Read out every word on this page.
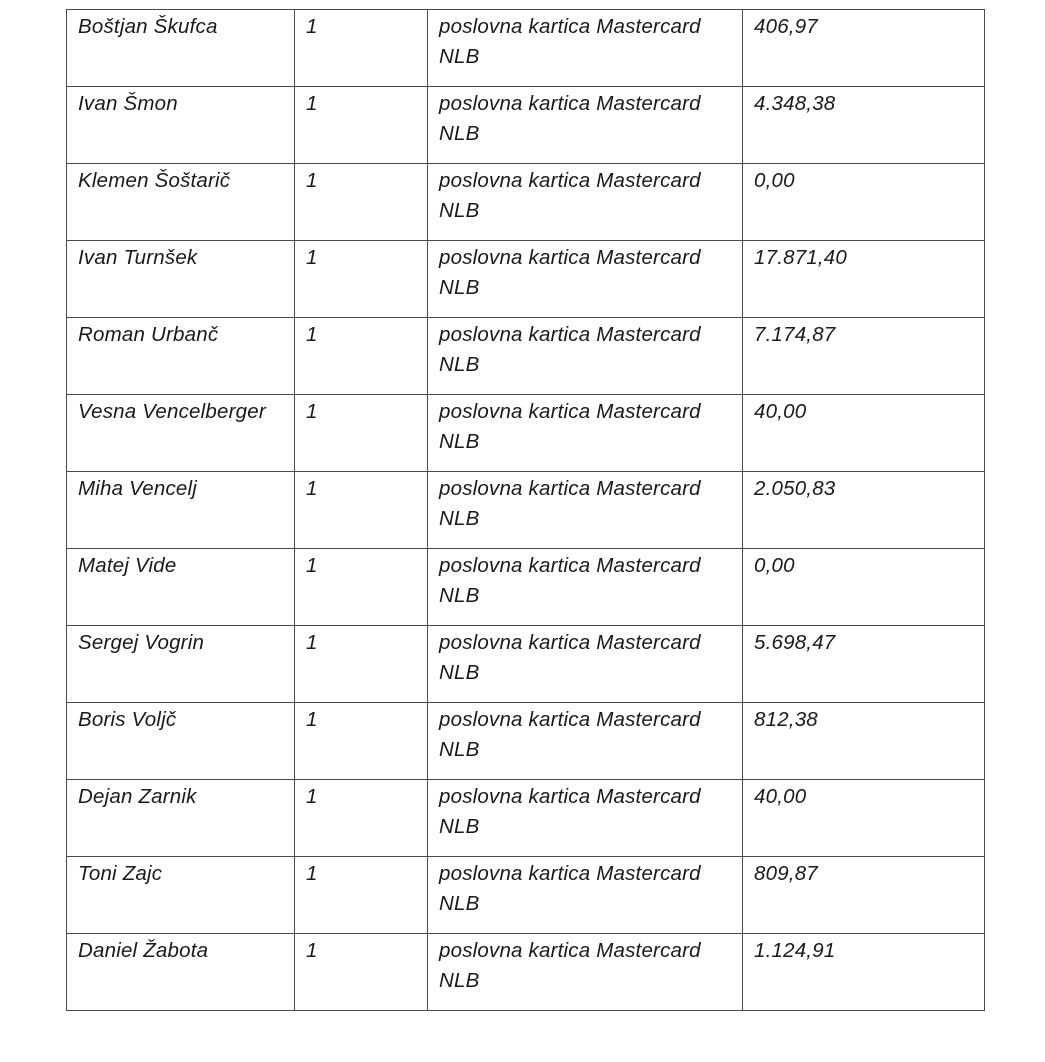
Boštjan Škufca	1	poslovna kartica Mastercard NLB	406,97
Ivan Šmon	1	poslovna kartica Mastercard NLB	4.348,38
Klemen Šoštarič	1	poslovna kartica Mastercard NLB	0,00
Ivan Turnšek	1	poslovna kartica Mastercard NLB	17.871,40
Roman Urbanč	1	poslovna kartica Mastercard NLB	7.174,87
Vesna Vencelberger	1	poslovna kartica Mastercard NLB	40,00
Miha Vencelj	1	poslovna kartica Mastercard NLB	2.050,83
Matej Vide	1	poslovna kartica Mastercard NLB	0,00
Sergej Vogrin	1	poslovna kartica Mastercard NLB	5.698,47
Boris Voljč	1	poslovna kartica Mastercard NLB	812,38
Dejan Zarnik	1	poslovna kartica Mastercard NLB	40,00
Toni Zajc	1	poslovna kartica Mastercard NLB	809,87
Daniel Žabota	1	poslovna kartica Mastercard NLB	1.124,91
